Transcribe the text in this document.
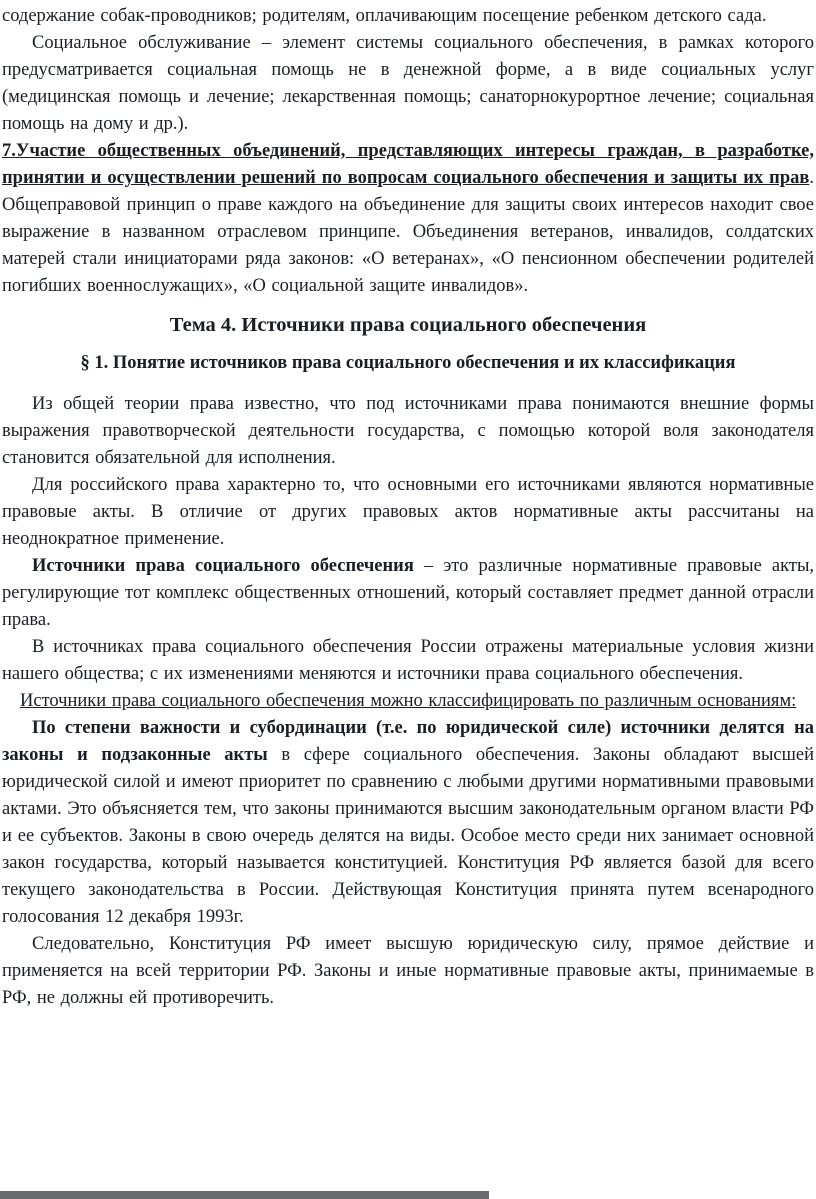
содержание собак-проводников; родителям, оплачивающим посещение ребенком детского сада.

Социальное обслуживание – элемент системы социального обеспечения, в рамках которого предусматривается социальная помощь не в денежной форме, а в виде социальных услуг (медицинская помощь и лечение; лекарственная помощь; санаторнокурортное лечение; социальная помощь на дому и др.).

7.Участие общественных объединений, представляющих интересы граждан, в разработке, принятии и осуществлении решений по вопросам социального обеспечения и защиты их прав. Общеправовой принцип о праве каждого на объединение для защиты своих интересов находит свое выражение в названном отраслевом принципе. Объединения ветеранов, инвалидов, солдатских матерей стали инициаторами ряда законов: «О ветеранах», «О пенсионном обеспечении родителей погибших военнослужащих», «О социальной защите инвалидов».

Тема 4. Источники права социального обеспечения
§ 1. Понятие источников права социального обеспечения и их классификация

Из общей теории права известно, что под источниками права понимаются внешние формы выражения правотворческой деятельности государства, с помощью которой воля законодателя становится обязательной для исполнения.

Для российского права характерно то, что основными его источниками являются нормативные правовые акты. В отличие от других правовых актов нормативные акты рассчитаны на неоднократное применение.

Источники права социального обеспечения – это различные нормативные правовые акты, регулирующие тот комплекс общественных отношений, который составляет предмет данной отрасли права.

В источниках права социального обеспечения России отражены материальные условия жизни нашего общества; с их изменениями меняются и источники права социального обеспечения.

Источники права социального обеспечения можно классифицировать по различным основаниям:

По степени важности и субординации (т.е. по юридической силе) источники делятся на законы и подзаконные акты в сфере социального обеспечения. Законы обладают высшей юридической силой и имеют приоритет по сравнению с любыми другими нормативными правовыми актами. Это объясняется тем, что законы принимаются высшим законодательным органом власти РФ и ее субъектов. Законы в свою очередь делятся на виды. Особое место среди них занимает основной закон государства, который называется конституцией. Конституция РФ является базой для всего текущего законодательства в России. Действующая Конституция принята путем всенародного голосования 12 декабря 1993г.

Следовательно, Конституция РФ имеет высшую юридическую силу, прямое действие и применяется на всей территории РФ. Законы и иные нормативные правовые акты, принимаемые в РФ, не должны ей противоречить.
